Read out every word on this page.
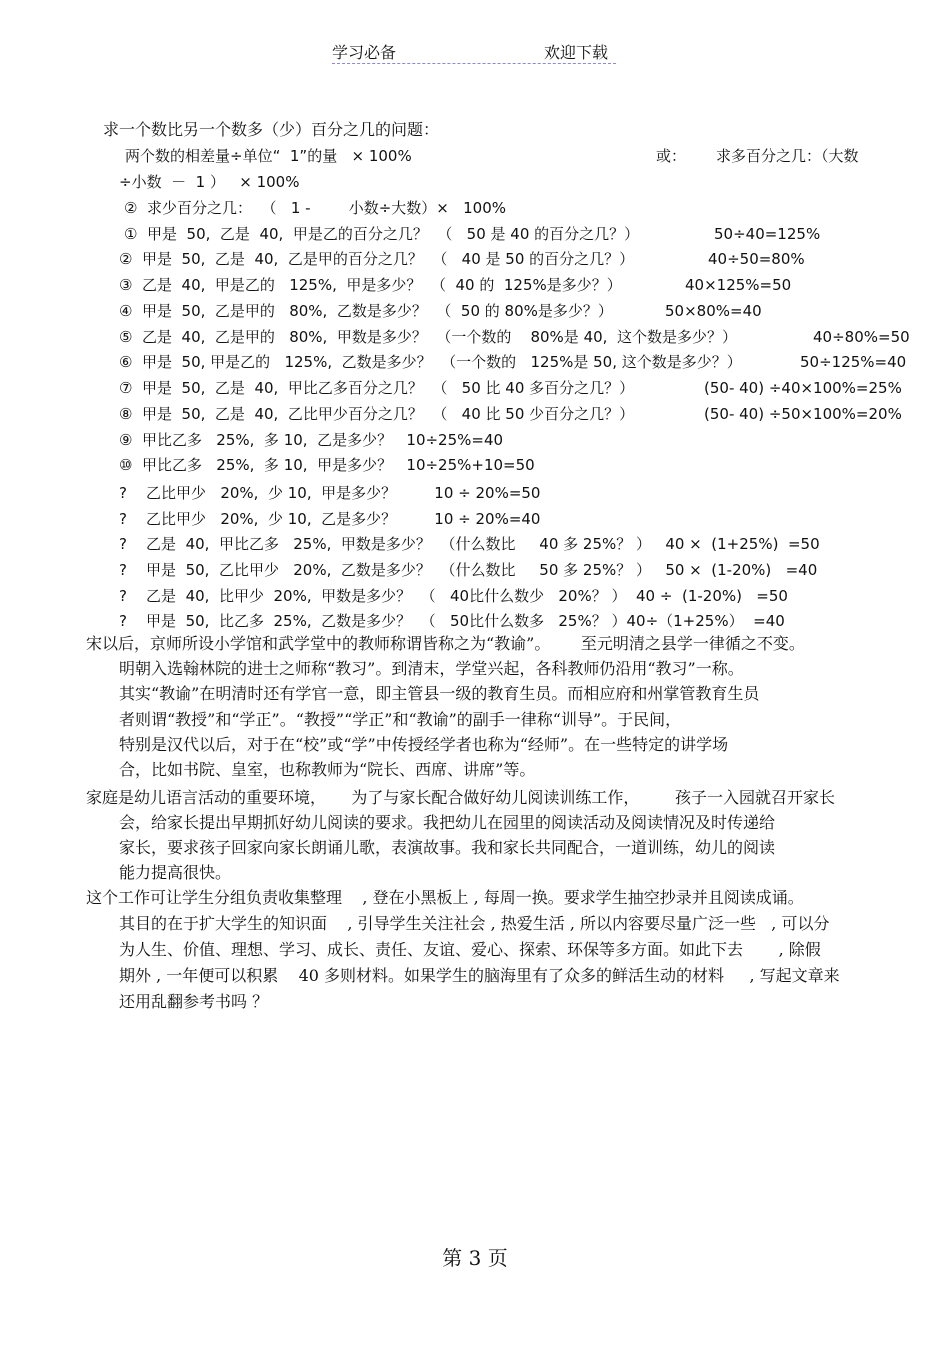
学习必备	欢迎下载
求一个数比另一个数多（少）百分之几的问题：
两个数的相差量÷单位“  1”的量   × 100%	或： 求多百分之几：（大数
÷小数  －  1 ）   × 100%
②  求少百分之几：  （   1 -        小数÷大数）×   100%
①  甲是  50,  乙是  40,  甲是乙的百分之几？  （   50 是 40 的百分之几？）	50÷40=125%
②  甲是  50,  乙是  40,  乙是甲的百分之几？  （   40 是 50 的百分之几？）	40÷50=80%
③  乙是  40,  甲是乙的   125%,  甲是多少？  （  40 的  125%是多少？）	40×125%=50
④  甲是  50,  乙是甲的   80%,  乙数是多少？  （  50 的 80%是多少？）	50×80%=40
⑤  乙是  40,  乙是甲的   80%,  甲数是多少？  （一个数的    80%是 40,  这个数是多少？）	40÷80%=50
⑥  甲是  50, 甲是乙的   125%,  乙数是多少？  （一个数的   125%是 50, 这个数是多少？）	50÷125%=40
⑦  甲是  50,  乙是  40,  甲比乙多百分之几？  （   50 比 40 多百分之几？）	(50- 40) ÷40×100%=25%
⑧  甲是  50,  乙是  40,  乙比甲少百分之几？  （   40 比 50 少百分之几？）	(50- 40) ÷50×100%=20%
⑨  甲比乙多   25%,  多 10,  乙是多少？   10÷25%=40
⑩  甲比乙多   25%,  多 10,  甲是多少？   10÷25%+10=50
?    乙比甲少   20%,  少 10,  甲是多少？        10 ÷ 20%=50
?    乙比甲少   20%,  少 10,  乙是多少？        10 ÷ 20%=40
?    乙是  40,  甲比乙多   25%,  甲数是多少？  （什么数比     40 多 25%？ ）   40 ×  (1+25%)  =50
?    甲是  50,  乙比甲少   20%,  乙数是多少？  （什么数比     50 多 25%？ ）   50 ×  (1-20%)   =40
?    乙是  40,  比甲少  20%,  甲数是多少？  （   40比什么数少   20%？ ）  40 ÷  (1-20%)   =50
?    甲是  50,  比乙多  25%,  乙数是多少？  （   50比什么数多   25%？ ）40÷（1+25%）  =40
宋以后，京师所设小学馆和武学堂中的教师称谓皆称之为“教谕”。      至元明清之县学一律循之不变。
明朝入选翰林院的进士之师称“教习”。到清末，学堂兴起，各科教师仍沿用“教习”一称。
其实“教谕”在明清时还有学官一意，即主管县一级的教育生员。而相应府和州掌管教育生员
者则谓“教授”和“学正”。“教授”“学正”和“教谕”的副手一律称“训导”。于民间，
特别是汉代以后，对于在“校”或“学”中传授经学者也称为“经师”。在一些特定的讲学场
合，比如书院、皇室，也称教师为“院长、西席、讲席”等。
家庭是幼儿语言活动的重要环境，     为了与家长配合做好幼儿阅读训练工作，       孩子一入园就召开家长
会，给家长提出早期抓好幼儿阅读的要求。我把幼儿在园里的阅读活动及阅读情况及时传递给
家长，要求孩子回家向家长朗诵儿歌，表演故事。我和家长共同配合，一道训练，幼儿的阅读
能力提高很快。
这个工作可让学生分组负责收集整理    , 登在小黑板上 , 每周一换。要求学生抽空抄录并且阅读成诵。
其目的在于扩大学生的知识面    , 引导学生关注社会 , 热爱生活 , 所以内容要尽量广泛一些   , 可以分
为人生、价值、理想、学习、成长、责任、友谊、爱心、探索、环保等多方面。如此下去       , 除假
期外 , 一年便可以积累    40 多则材料。如果学生的脑海里有了众多的鲜活生动的材料     , 写起文章来
还用乱翻参考书吗 ？
第 3 页
